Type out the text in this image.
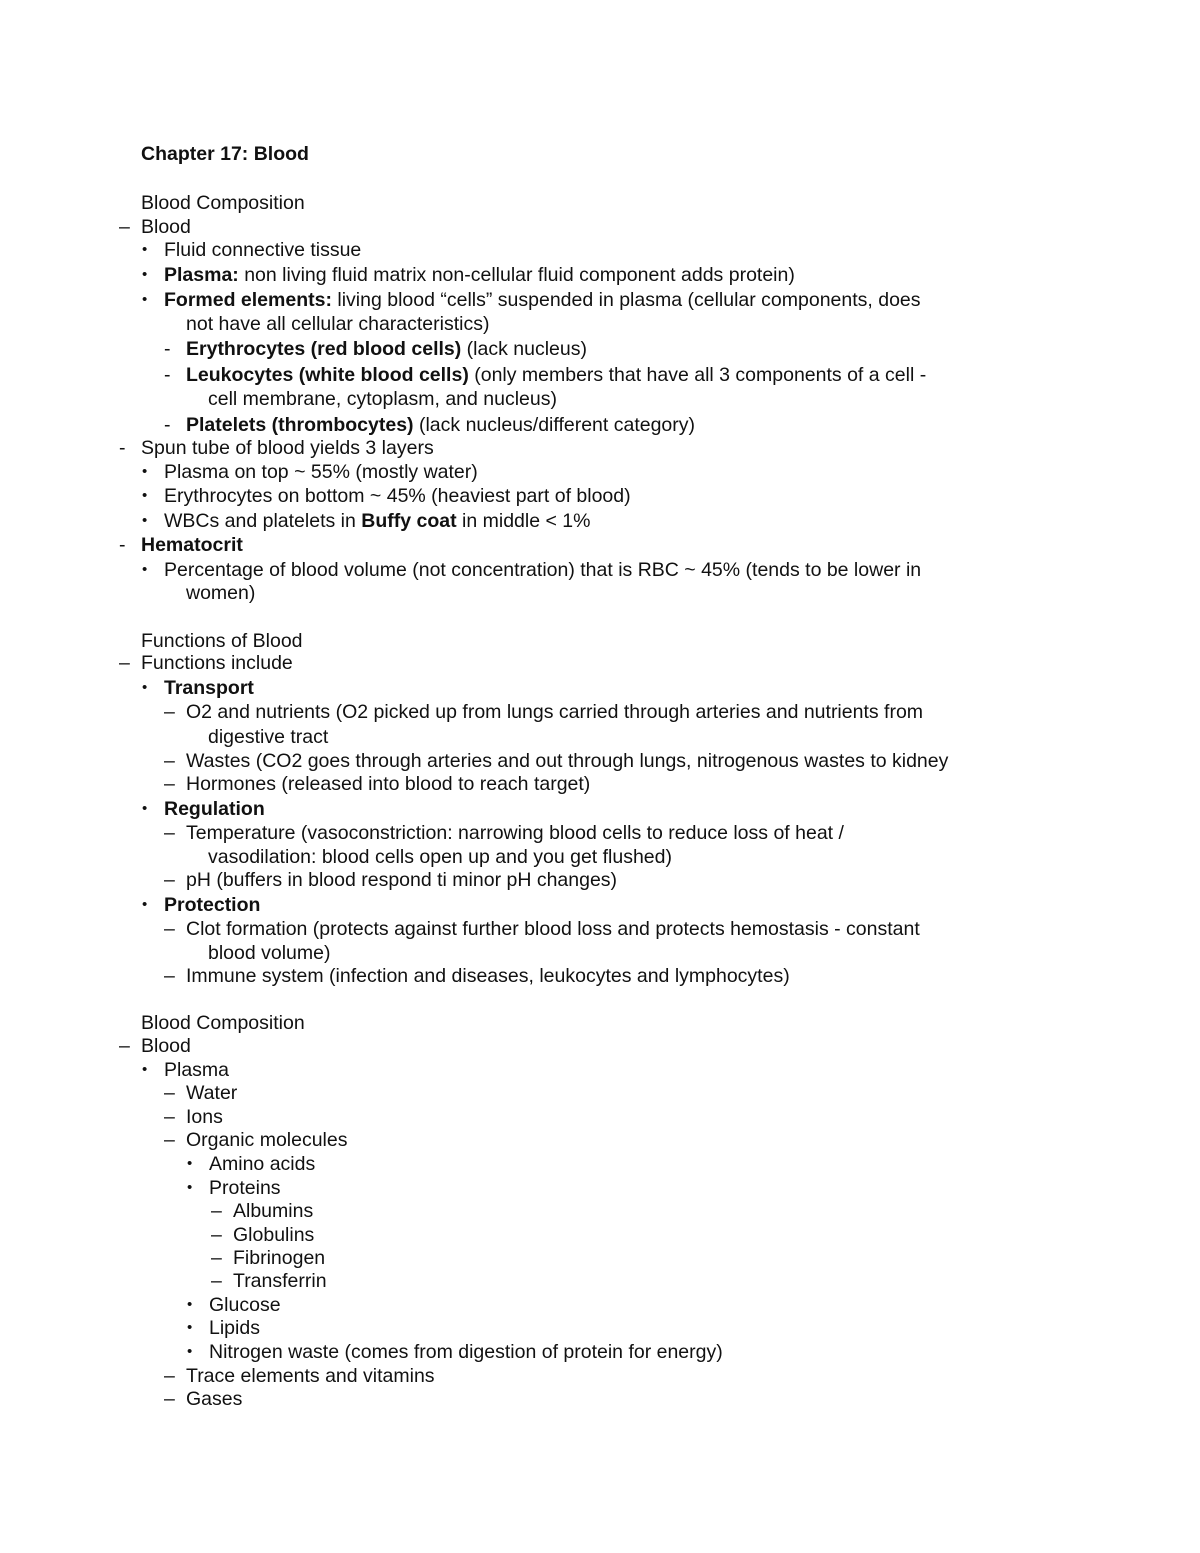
Chapter 17: Blood
Blood Composition
– Blood
• Fluid connective tissue
• Plasma: non living fluid matrix non-cellular fluid component adds protein)
• Formed elements: living blood “cells” suspended in plasma (cellular components, does
not have all cellular characteristics)
- Erythrocytes (red blood cells) (lack nucleus)
- Leukocytes (white blood cells) (only members that have all 3 components of a cell -
cell membrane, cytoplasm, and nucleus)
- Platelets (thrombocytes) (lack nucleus/different category)
- Spun tube of blood yields 3 layers
• Plasma on top ~ 55% (mostly water)
• Erythrocytes on bottom ~ 45% (heaviest part of blood)
• WBCs and platelets in Buffy coat in middle < 1%
- Hematocrit
• Percentage of blood volume (not concentration) that is RBC ~ 45% (tends to be lower in
women)
Functions of Blood
– Functions include
• Transport
– O2 and nutrients (O2 picked up from lungs carried through arteries and nutrients from
digestive tract
– Wastes (CO2 goes through arteries and out through lungs, nitrogenous wastes to kidney
– Hormones (released into blood to reach target)
• Regulation
– Temperature (vasoconstriction: narrowing blood cells to reduce loss of heat /
vasodilation: blood cells open up and you get flushed)
– pH (buffers in blood respond ti minor pH changes)
• Protection
– Clot formation (protects against further blood loss and protects hemostasis - constant
blood volume)
– Immune system (infection and diseases, leukocytes and lymphocytes)
Blood Composition
– Blood
• Plasma
– Water
– Ions
– Organic molecules
• Amino acids
• Proteins
– Albumins
– Globulins
– Fibrinogen
– Transferrin
• Glucose
• Lipids
• Nitrogen waste (comes from digestion of protein for energy)
– Trace elements and vitamins
– Gases
